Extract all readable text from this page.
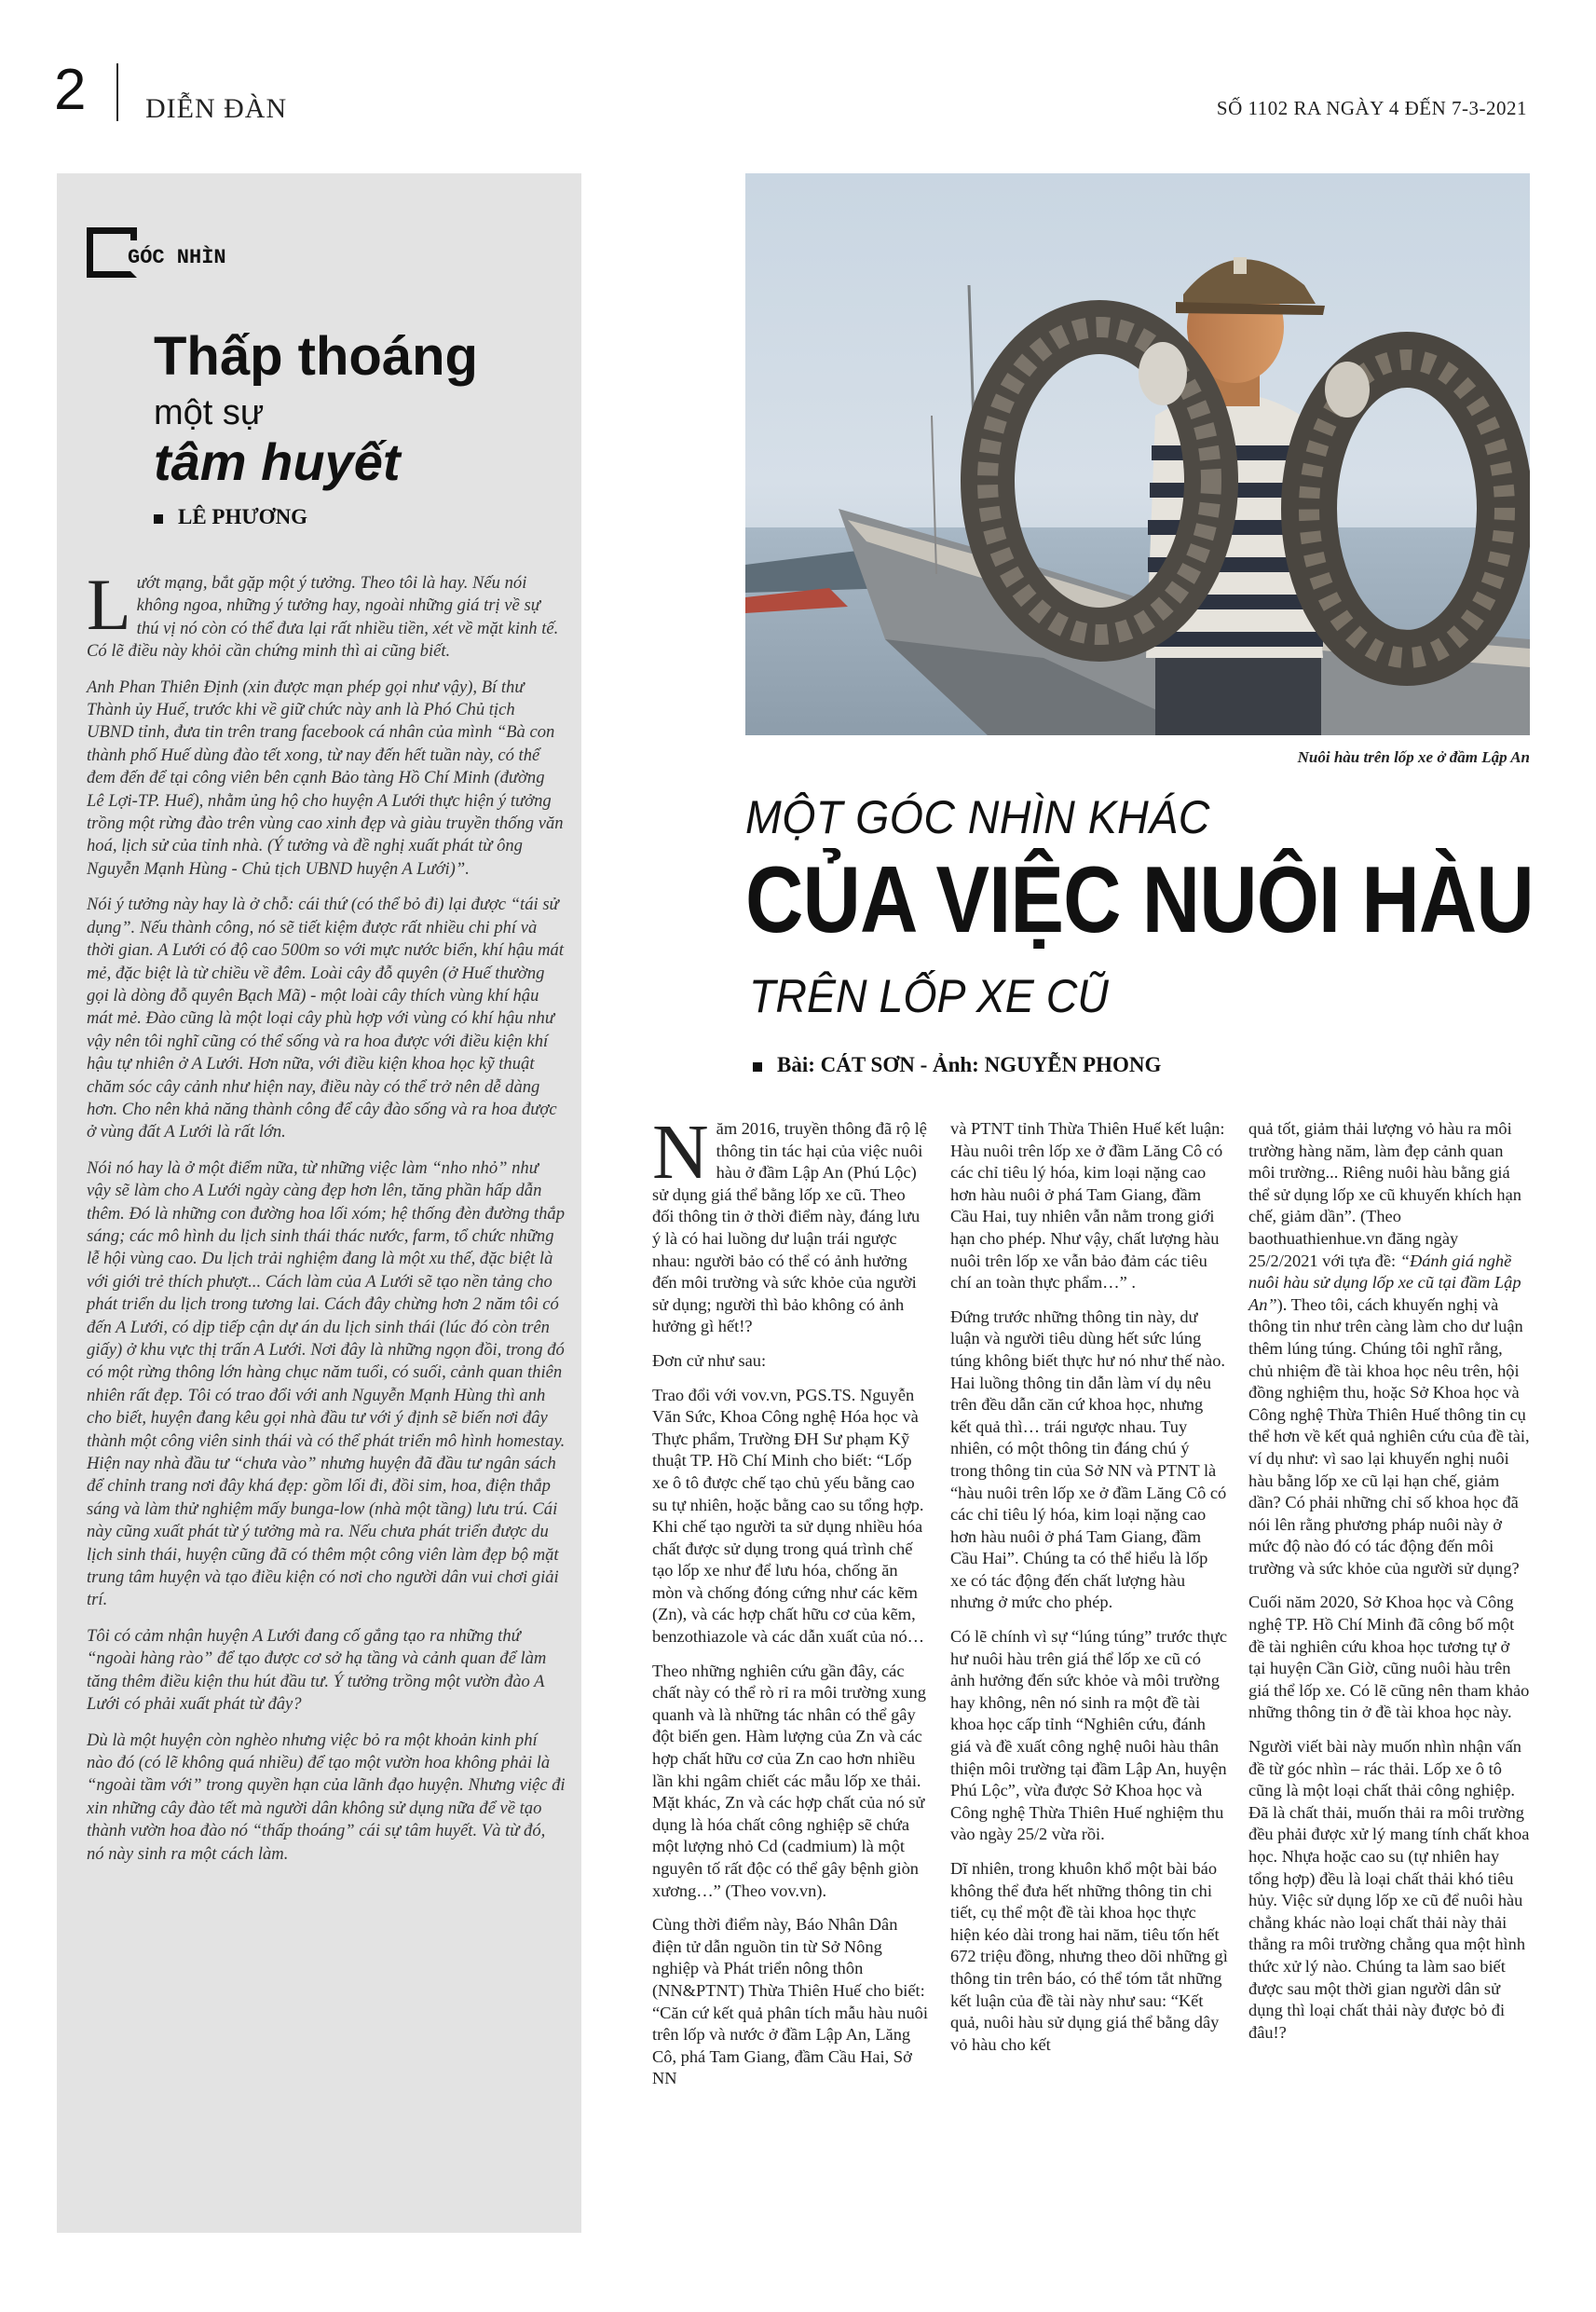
2 DIỄN ĐÀN	SỐ 1102 RA NGÀY 4 ĐẾN 7-3-2021
GÓC NHÌN
Thấp thoáng
một sự
tâm huyết
LÊ PHƯƠNG

Lướt mạng, bắt gặp một ý tưởng. Theo tôi là hay. Nếu nói không ngoa, những ý tưởng hay, ngoài những giá trị về sự thú vị nó còn có thể đưa lại rất nhiều tiền, xét về mặt kinh tế. Có lẽ điều này khỏi cần chứng minh thì ai cũng biết.

Anh Phan Thiên Định (xin được mạn phép gọi như vậy), Bí thư Thành ủy Huế, trước khi về giữ chức này anh là Phó Chủ tịch UBND tỉnh, đưa tin trên trang facebook cá nhân của mình “Bà con thành phố Huế dùng đào tết xong, từ nay đến hết tuần này, có thể đem đến để tại công viên bên cạnh Bảo tàng Hồ Chí Minh (đường Lê Lợi-TP. Huế), nhằm ủng hộ cho huyện A Lưới thực hiện ý tưởng trồng một rừng đào trên vùng cao xinh đẹp và giàu truyền thống văn hoá, lịch sử của tỉnh nhà. (Ý tưởng và đề nghị xuất phát từ ông Nguyễn Mạnh Hùng - Chủ tịch UBND huyện A Lưới)”.

Nói ý tưởng này hay là ở chỗ: cái thứ (có thể bỏ đi) lại được “tái sử dụng”. Nếu thành công, nó sẽ tiết kiệm được rất nhiều chi phí và thời gian. A Lưới có độ cao 500m so với mực nước biển, khí hậu mát mẻ, đặc biệt là từ chiều về đêm. Loài cây đỗ quyên (ở Huế thường gọi là dòng đỗ quyên Bạch Mã) - một loài cây thích vùng khí hậu mát mẻ. Đào cũng là một loại cây phù hợp với vùng có khí hậu như vậy nên tôi nghĩ cũng có thể sống và ra hoa được với điều kiện khí hậu tự nhiên ở A Lưới. Hơn nữa, với điều kiện khoa học kỹ thuật chăm sóc cây cảnh như hiện nay, điều này có thể trở nên dễ dàng hơn. Cho nên khả năng thành công để cây đào sống và ra hoa được ở vùng đất A Lưới là rất lớn.

Nói nó hay là ở một điểm nữa, từ những việc làm “nho nhỏ” như vậy sẽ làm cho A Lưới ngày càng đẹp hơn lên, tăng phần hấp dẫn thêm. Đó là những con đường hoa lối xóm; hệ thống đèn đường thắp sáng; các mô hình du lịch sinh thái thác nước, farm, tổ chức những lễ hội vùng cao. Du lịch trải nghiệm đang là một xu thế, đặc biệt là với giới trẻ thích phượt... Cách làm của A Lưới sẽ tạo nền tảng cho phát triển du lịch trong tương lai. Cách đây chừng hơn 2 năm tôi có đến A Lưới, có dịp tiếp cận dự án du lịch sinh thái (lúc đó còn trên giấy) ở khu vực thị trấn A Lưới. Nơi đây là những ngọn đồi, trong đó có một rừng thông lớn hàng chục năm tuổi, có suối, cảnh quan thiên nhiên rất đẹp. Tôi có trao đổi với anh Nguyễn Mạnh Hùng thì anh cho biết, huyện đang kêu gọi nhà đầu tư với ý định sẽ biến nơi đây thành một công viên sinh thái và có thể phát triển mô hình homestay. Hiện nay nhà đầu tư “chưa vào” nhưng huyện đã đầu tư ngân sách để chỉnh trang nơi đây khá đẹp: gồm lối đi, đồi sim, hoa, điện thắp sáng và làm thử nghiệm mấy bunga-low (nhà một tầng) lưu trú. Cái này cũng xuất phát từ ý tưởng mà ra. Nếu chưa phát triển được du lịch sinh thái, huyện cũng đã có thêm một công viên làm đẹp bộ mặt trung tâm huyện và tạo điều kiện có nơi cho người dân vui chơi giải trí.

Tôi có cảm nhận huyện A Lưới đang cố gắng tạo ra những thứ “ngoài hàng rào” để tạo được cơ sở hạ tầng và cảnh quan để làm tăng thêm điều kiện thu hút đầu tư. Ý tưởng trồng một vườn đào A Lưới có phải xuất phát từ đây?

Dù là một huyện còn nghèo nhưng việc bỏ ra một khoản kinh phí nào đó (có lẽ không quá nhiều) để tạo một vườn hoa không phải là “ngoài tầm với” trong quyền hạn của lãnh đạo huyện. Nhưng việc đi xin những cây đào tết mà người dân không sử dụng nữa để về tạo thành vườn hoa đào nó “thấp thoáng” cái sự tâm huyết. Và từ đó, nó này sinh ra một cách làm.

Nuôi hàu trên lốp xe ở đầm Lập An
MỘT GÓC NHÌN KHÁC
CỦA VIỆC NUÔI HÀU
TRÊN LỐP XE CŨ
Bài: CÁT SƠN - Ảnh: NGUYỄN PHONG

Năm 2016, truyền thông đã rộ lệ thông tin tác hại của việc nuôi hàu ở đầm Lập An (Phú Lộc) sử dụng giá thể bằng lốp xe cũ. Theo đối thông tin ở thời điểm này, đáng lưu ý là có hai luồng dư luận trái ngược nhau: người bảo có thể có ảnh hưởng đến môi trường và sức khỏe của người sử dụng; người thì bảo không có ảnh hưởng gì hết!?

Đơn cử như sau:

Trao đổi với vov.vn, PGS.TS. Nguyễn Văn Sức, Khoa Công nghệ Hóa học và Thực phẩm, Trường ĐH Sư phạm Kỹ thuật TP. Hồ Chí Minh cho biết: “Lốp xe ô tô được chế tạo chủ yếu bằng cao su tự nhiên, hoặc bằng cao su tổng hợp. Khi chế tạo người ta sử dụng nhiều hóa chất được sử dụng trong quá trình chế tạo lốp xe như để lưu hóa, chống ăn mòn và chống đóng cứng như các kẽm (Zn), và các hợp chất hữu cơ của kẽm, benzothiazole và các dẫn xuất của nó…

Theo những nghiên cứu gần đây, các chất này có thể rò rỉ ra môi trường xung quanh và là những tác nhân có thể gây đột biến gen. Hàm lượng của Zn và các hợp chất hữu cơ của Zn cao hơn nhiều lần khi ngâm chiết các mẫu lốp xe thải. Mặt khác, Zn và các hợp chất của nó sử dụng là hóa chất công nghiệp sẽ chứa một lượng nhỏ Cd (cadmium) là một nguyên tố rất độc có thể gây bệnh giòn xương…” (Theo vov.vn).

Cùng thời điểm này, Báo Nhân Dân điện tử dẫn nguồn tin từ Sở Nông nghiệp và Phát triển nông thôn (NN&PTNT) Thừa Thiên Huế cho biết: “Căn cứ kết quả phân tích mẫu hàu nuôi trên lốp và nước ở đầm Lập An, Lăng Cô, phá Tam Giang, đầm Cầu Hai, Sở NN

và PTNT tỉnh Thừa Thiên Huế kết luận: Hàu nuôi trên lốp xe ở đầm Lăng Cô có các chỉ tiêu lý hóa, kim loại nặng cao hơn hàu nuôi ở phá Tam Giang, đầm Cầu Hai, tuy nhiên vẫn nằm trong giới hạn cho phép. Như vậy, chất lượng hàu nuôi trên lốp xe vẫn bảo đảm các tiêu chí an toàn thực phẩm…” .

Đứng trước những thông tin này, dư luận và người tiêu dùng hết sức lúng túng không biết thực hư nó như thế nào. Hai luồng thông tin dẫn làm ví dụ nêu trên đều dẫn căn cứ khoa học, nhưng kết quả thì… trái ngược nhau. Tuy nhiên, có một thông tin đáng chú ý trong thông tin của Sở NN và PTNT là “hàu nuôi trên lốp xe ở đầm Lăng Cô có các chỉ tiêu lý hóa, kim loại nặng cao hơn hàu nuôi ở phá Tam Giang, đầm Cầu Hai”. Chúng ta có thể hiểu là lốp xe có tác động đến chất lượng hàu nhưng ở mức cho phép.

Có lẽ chính vì sự “lúng túng” trước thực hư nuôi hàu trên giá thể lốp xe cũ có ảnh hưởng đến sức khỏe và môi trường hay không, nên nó sinh ra một đề tài khoa học cấp tỉnh “Nghiên cứu, đánh giá và đề xuất công nghệ nuôi hàu thân thiện môi trường tại đầm Lập An, huyện Phú Lộc”, vừa được Sở Khoa học và Công nghệ Thừa Thiên Huế nghiệm thu vào ngày 25/2 vừa rồi.

Dĩ nhiên, trong khuôn khổ một bài báo không thể đưa hết những thông tin chi tiết, cụ thể một đề tài khoa học thực hiện kéo dài trong hai năm, tiêu tốn hết 672 triệu đồng, nhưng theo dõi những gì thông tin trên báo, có thể tóm tắt những kết luận của đề tài này như sau: “Kết quả, nuôi hàu sử dụng giá thể bằng dây vỏ hàu cho kết

quả tốt, giảm thải lượng vỏ hàu ra môi trường hàng năm, làm đẹp cảnh quan môi trường... Riêng nuôi hàu bằng giá thể sử dụng lốp xe cũ khuyến khích hạn chế, giảm dần”. (Theo baothuathienhue.vn đăng ngày 25/2/2021 với tựa đề: “Đánh giá nghề nuôi hàu sử dụng lốp xe cũ tại đầm Lập An”). Theo tôi, cách khuyến nghị và thông tin như trên càng làm cho dư luận thêm lúng túng. Chúng tôi nghĩ rằng, chủ nhiệm đề tài khoa học nêu trên, hội đồng nghiệm thu, hoặc Sở Khoa học và Công nghệ Thừa Thiên Huế thông tin cụ thể hơn về kết quả nghiên cứu của đề tài, ví dụ như: vì sao lại khuyến nghị nuôi hàu bằng lốp xe cũ lại hạn chế, giảm dần? Có phải những chỉ số khoa học đã nói lên rằng phương pháp nuôi này ở mức độ nào đó có tác động đến môi trường và sức khỏe của người sử dụng?

Cuối năm 2020, Sở Khoa học và Công nghệ TP. Hồ Chí Minh đã công bố một đề tài nghiên cứu khoa học tương tự ở tại huyện Cần Giờ, cũng nuôi hàu trên giá thể lốp xe. Có lẽ cũng nên tham khảo những thông tin ở đề tài khoa học này.

Người viết bài này muốn nhìn nhận vấn đề từ góc nhìn – rác thải. Lốp xe ô tô cũng là một loại chất thải công nghiệp. Đã là chất thải, muốn thải ra môi trường đều phải được xử lý mang tính chất khoa học. Nhựa hoặc cao su (tự nhiên hay tổng hợp) đều là loại chất thải khó tiêu hủy. Việc sử dụng lốp xe cũ để nuôi hàu chẳng khác nào loại chất thải này thải thẳng ra môi trường chẳng qua một hình thức xử lý nào. Chúng ta làm sao biết được sau một thời gian người dân sử dụng thì loại chất thải này được bỏ đi đâu!?
